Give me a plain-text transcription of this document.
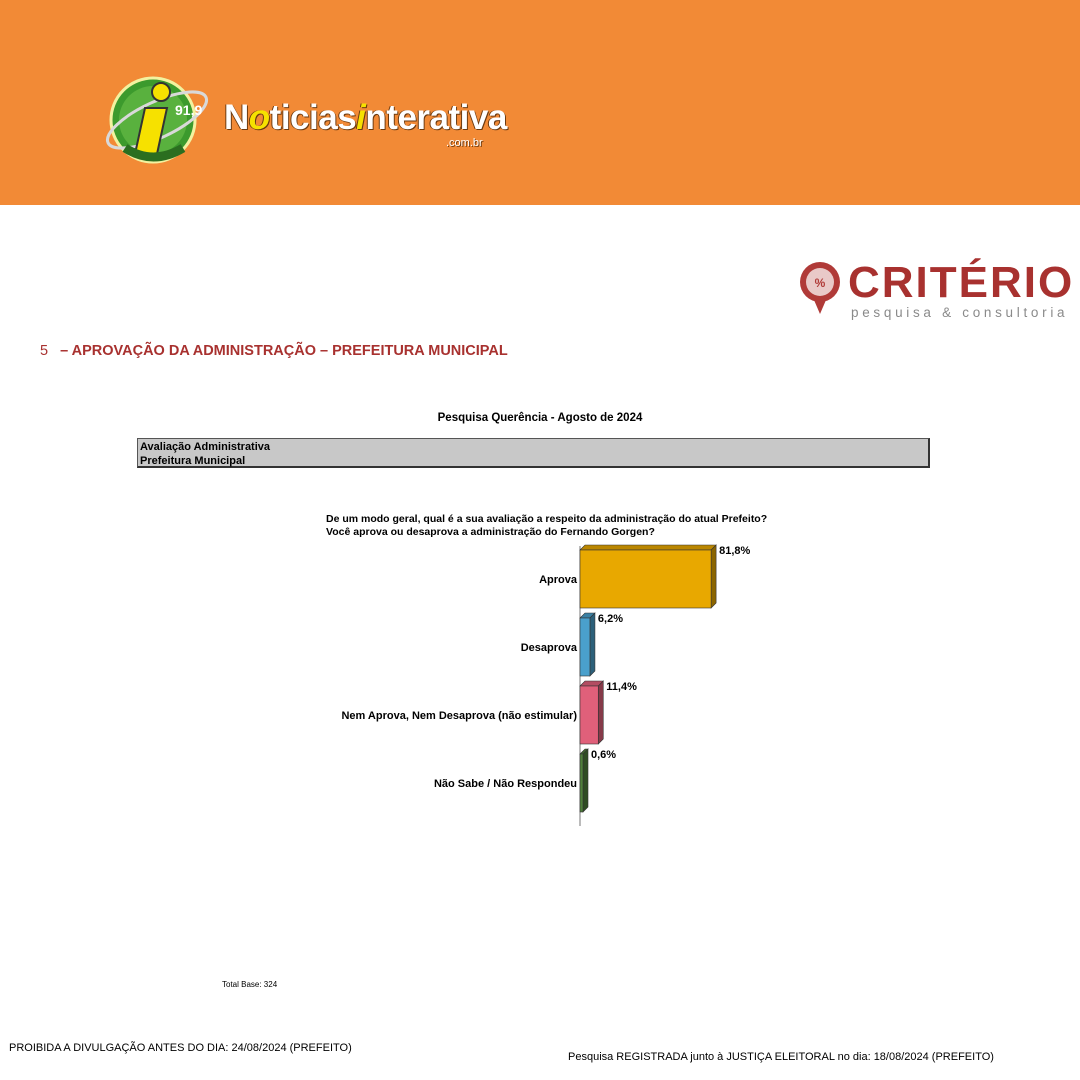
91,9 Noticiasinterativa
.com.br
% CRITÉRIO
pesquisa & consultoria
5 – APROVAÇÃO DA ADMINISTRAÇÃO – PREFEITURA MUNICIPAL
Pesquisa Querência - Agosto de 2024
Avaliação Administrativa
Prefeitura Municipal
De um modo geral, qual é a sua avaliação a respeito da administração do atual Prefeito?
Você aprova ou desaprova a administração do Fernando Gorgen?
Aprova
81,8%
Desaprova
6,2%
Nem Aprova, Nem Desaprova (não estimular)
11,4%
Não Sabe / Não Respondeu
0,6%
Total Base: 324
PROIBIDA A DIVULGAÇÃO ANTES DO DIA: 24/08/2024 (PREFEITO)
Pesquisa REGISTRADA junto à JUSTIÇA ELEITORAL no dia: 18/08/2024 (PREFEITO)
